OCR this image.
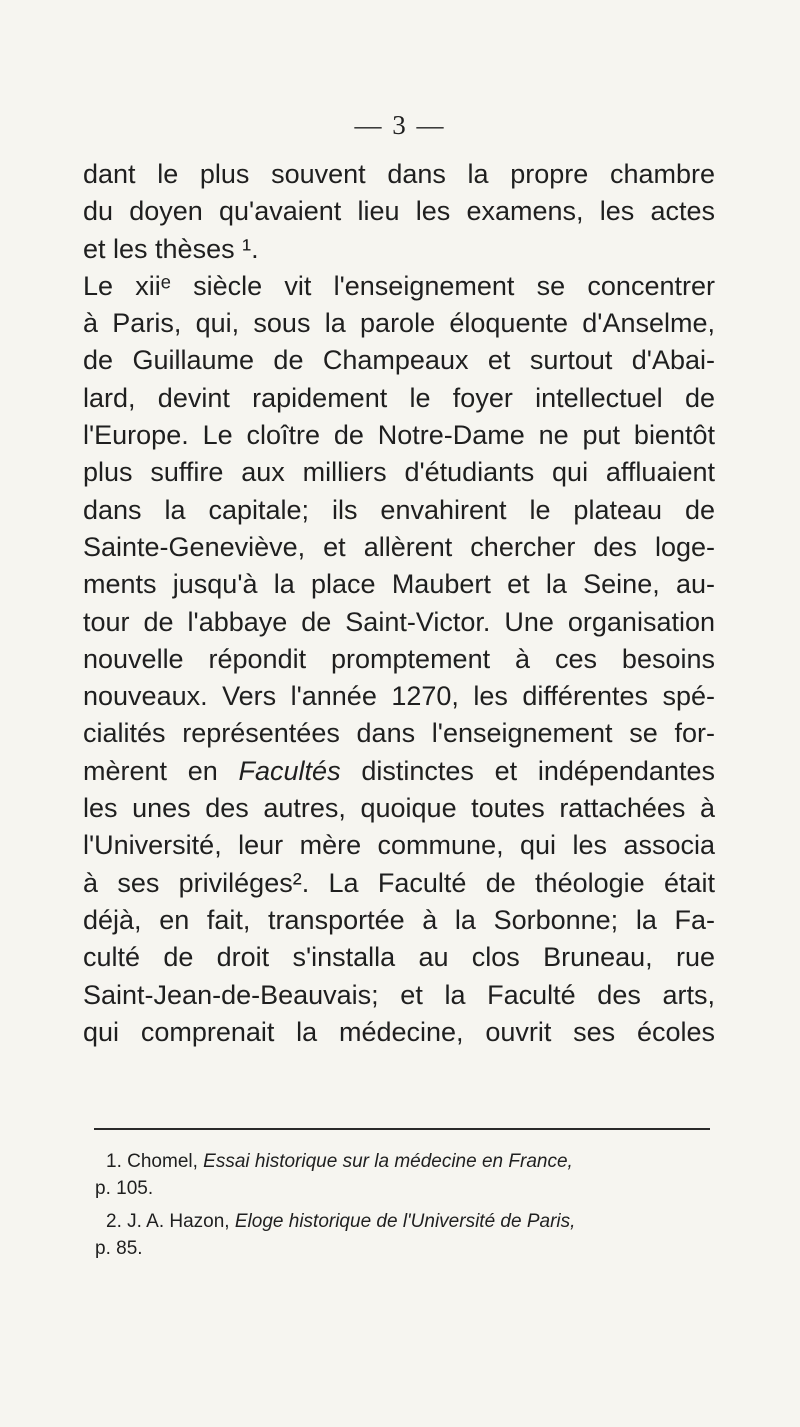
— 3 —
dant le plus souvent dans la propre chambre
du doyen qu'avaient lieu les examens, les actes
et les thèses ¹.
Le xiiᵉ siècle vit l'enseignement se concentrer
à Paris, qui, sous la parole éloquente d'Anselme,
de Guillaume de Champeaux et surtout d'Abai-
lard, devint rapidement le foyer intellectuel de
l'Europe. Le cloître de Notre-Dame ne put bientôt
plus suffire aux milliers d'étudiants qui affluaient
dans la capitale; ils envahirent le plateau de
Sainte-Geneviève, et allèrent chercher des loge-
ments jusqu'à la place Maubert et la Seine, au-
tour de l'abbaye de Saint-Victor. Une organisation
nouvelle répondit promptement à ces besoins
nouveaux. Vers l'année 1270, les différentes spé-
cialités représentées dans l'enseignement se for-
mèrent en Facultés distinctes et indépendantes
les unes des autres, quoique toutes rattachées à
l'Université, leur mère commune, qui les associa
à ses priviléges². La Faculté de théologie était
déjà, en fait, transportée à la Sorbonne; la Fa-
culté de droit s'installa au clos Bruneau, rue
Saint-Jean-de-Beauvais; et la Faculté des arts,
qui comprenait la médecine, ouvrit ses écoles
1. Chomel, Essai historique sur la médecine en France,
p. 105.
2. J. A. Hazon, Eloge historique de l'Université de Paris,
p. 85.
